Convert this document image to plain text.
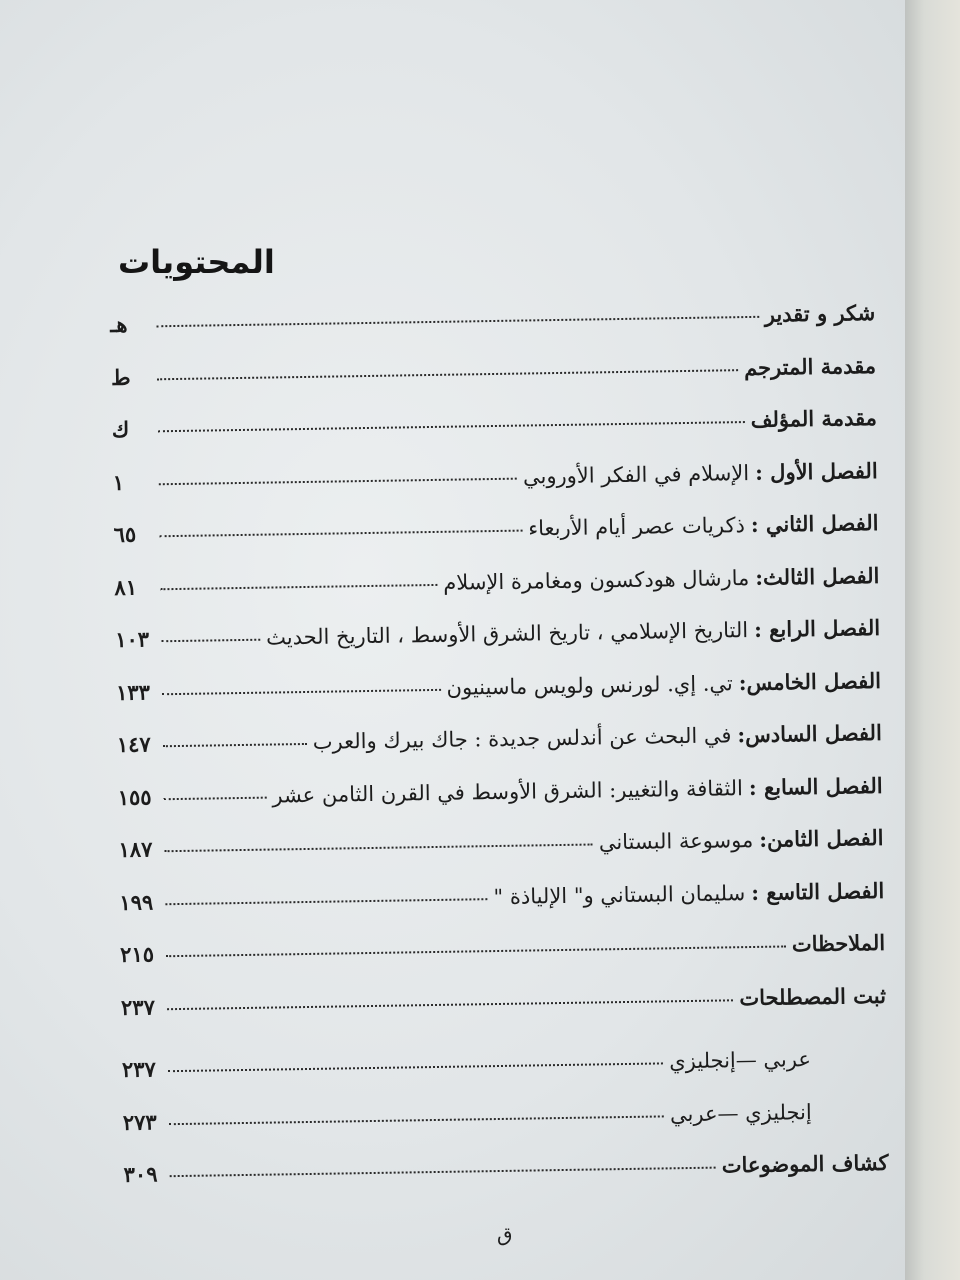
المحتويات
شكر و تقدير
هـ
مقدمة المترجم
ط
مقدمة المؤلف
ك
الفصل الأول :
الإسلام في الفكر الأوروبي
١
الفصل الثاني :
ذكريات عصر أيام الأربعاء
٦٥
الفصل الثالث:
مارشال هودكسون ومغامرة الإسلام
٨١
الفصل الرابع :
التاريخ الإسلامي ، تاريخ الشرق الأوسط ، التاريخ الحديث
١٠٣
الفصل الخامس:
تي. إي. لورنس ولويس ماسينيون
١٣٣
الفصل السادس:
في البحث عن أندلس جديدة : جاك بيرك والعرب
١٤٧
الفصل السابع :
الثقافة والتغيير: الشرق الأوسط في القرن الثامن عشر
١٥٥
الفصل الثامن:
موسوعة البستاني
١٨٧
الفصل التاسع :
سليمان البستاني و" الإلياذة "
١٩٩
الملاحظات
٢١٥
ثبت المصطلحات
٢٣٧
عربي —إنجليزي
٢٣٧
إنجليزي —عربي
٢٧٣
كشاف الموضوعات
٣٠٩
ق
